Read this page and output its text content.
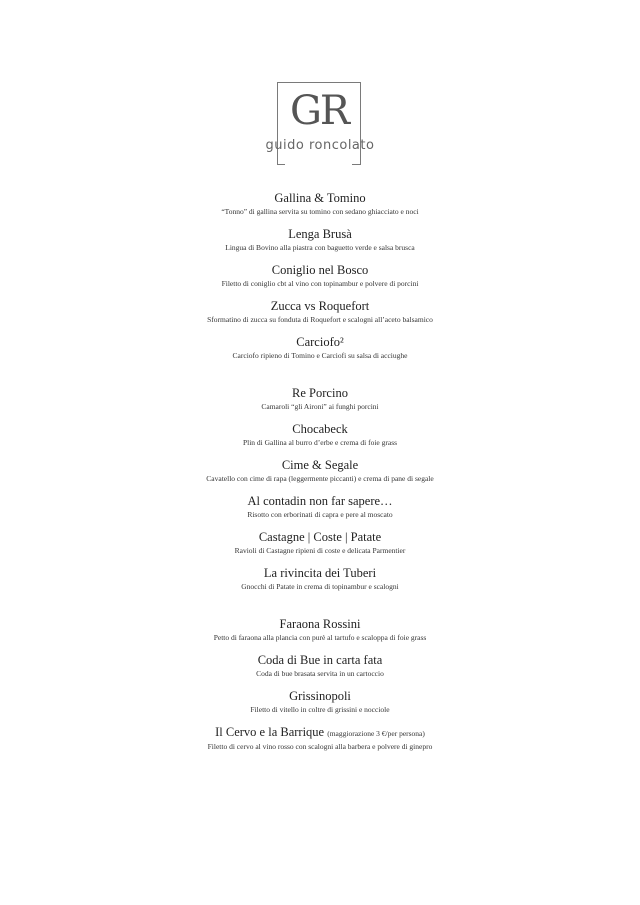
GR
guido roncolato
Gallina & Tomino
“Tonno” di gallina servita su tomino con sedano ghiacciato e noci
Lenga Brusà
Lingua di Bovino alla piastra con baguetto verde e salsa brusca
Coniglio nel Bosco
Filetto di coniglio cbt al vino con topinambur e polvere di porcini
Zucca vs Roquefort
Sformatino di zucca su fonduta di Roquefort e scalogni all’aceto balsamico
Carciofo²
Carciofo ripieno di Tomino e Carciofi su salsa di acciughe
Re Porcino
Camaroli “gli Aironi” ai funghi porcini
Chocabeck
Plin di Gallina al burro d’erbe e crema di foie grass
Cime & Segale
Cavatello con cime di rapa (leggermente piccanti) e crema di pane di segale
Al contadin non far sapere…
Risotto con erborinati di capra e pere al moscato
Castagne | Coste | Patate
Ravioli di Castagne ripieni di coste e delicata Parmentier
La rivincita dei Tuberi
Gnocchi di Patate in crema di topinambur e scalogni
Faraona Rossini
Petto di faraona alla plancia con purè al tartufo e scaloppa di foie grass
Coda di Bue in carta fata
Coda di bue brasata servita in un cartoccio
Grissinopoli
Filetto di vitello in coltre di grissini e nocciole
Il Cervo e la Barrique (maggiorazione 3 €/per persona)
Filetto di cervo al vino rosso con scalogni alla barbera e polvere di ginepro
